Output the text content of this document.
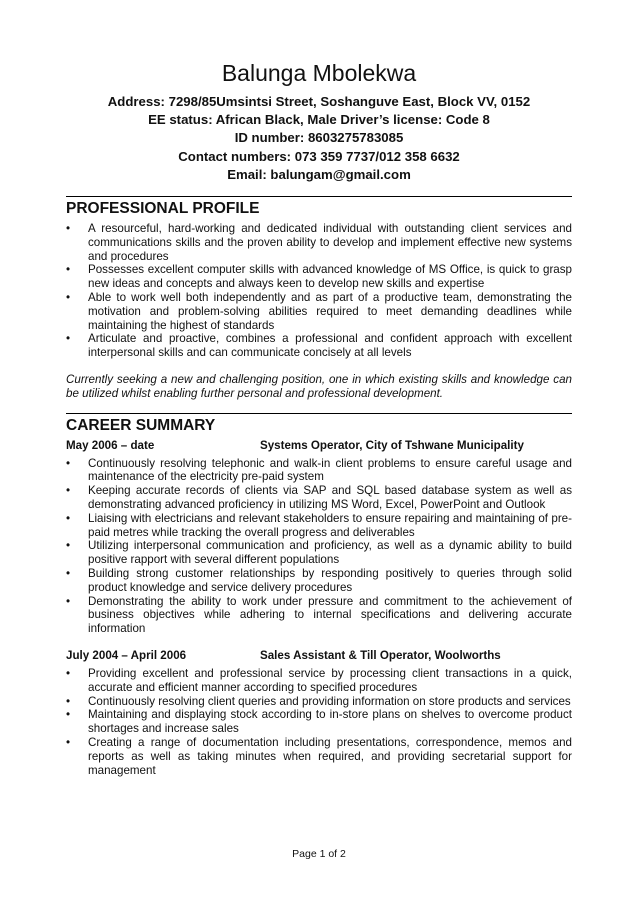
Balunga Mbolekwa
Address: 7298/85Umsintsi Street, Soshanguve East, Block VV, 0152
EE status: African Black, Male Driver’s license: Code 8
ID number: 8603275783085
Contact numbers: 073 359 7737/012 358 6632
Email: balungam@gmail.com
PROFESSIONAL PROFILE
•	A resourceful, hard-working and dedicated individual with outstanding client services and communications skills and the proven ability to develop and implement effective new systems and procedures
•	Possesses excellent computer skills with advanced knowledge of MS Office, is quick to grasp new ideas and concepts and always keen to develop new skills and expertise
•	Able to work well both independently and as part of a productive team, demonstrating the motivation and problem-solving abilities required to meet demanding deadlines while maintaining the highest of standards
•	Articulate and proactive, combines a professional and confident approach with excellent interpersonal skills and can communicate concisely at all levels

Currently seeking a new and challenging position, one in which existing skills and knowledge can be utilized whilst enabling further personal and professional development.

CAREER SUMMARY
May 2006 – date	Systems Operator, City of Tshwane Municipality
•	Continuously resolving telephonic and walk-in client problems to ensure careful usage and maintenance of the electricity pre-paid system
•	Keeping accurate records of clients via SAP and SQL based database system as well as demonstrating advanced proficiency in utilizing MS Word, Excel, PowerPoint and Outlook
•	Liaising with electricians and relevant stakeholders to ensure repairing and maintaining of pre-paid metres while tracking the overall progress and deliverables
•	Utilizing interpersonal communication and proficiency, as well as a dynamic ability to build positive rapport with several different populations
•	Building strong customer relationships by responding positively to queries through solid product knowledge and service delivery procedures
•	Demonstrating the ability to work under pressure and commitment to the achievement of business objectives while adhering to internal specifications and delivering accurate information
July 2004 – April 2006	Sales Assistant & Till Operator, Woolworths
•	Providing excellent and professional service by processing client transactions in a quick, accurate and efficient manner according to specified procedures
•	Continuously resolving client queries and providing information on store products and services
•	Maintaining and displaying stock according to in-store plans on shelves to overcome product shortages and increase sales
•	Creating a range of documentation including presentations, correspondence, memos and reports as well as taking minutes when required, and providing secretarial support for management
Page 1 of 2
